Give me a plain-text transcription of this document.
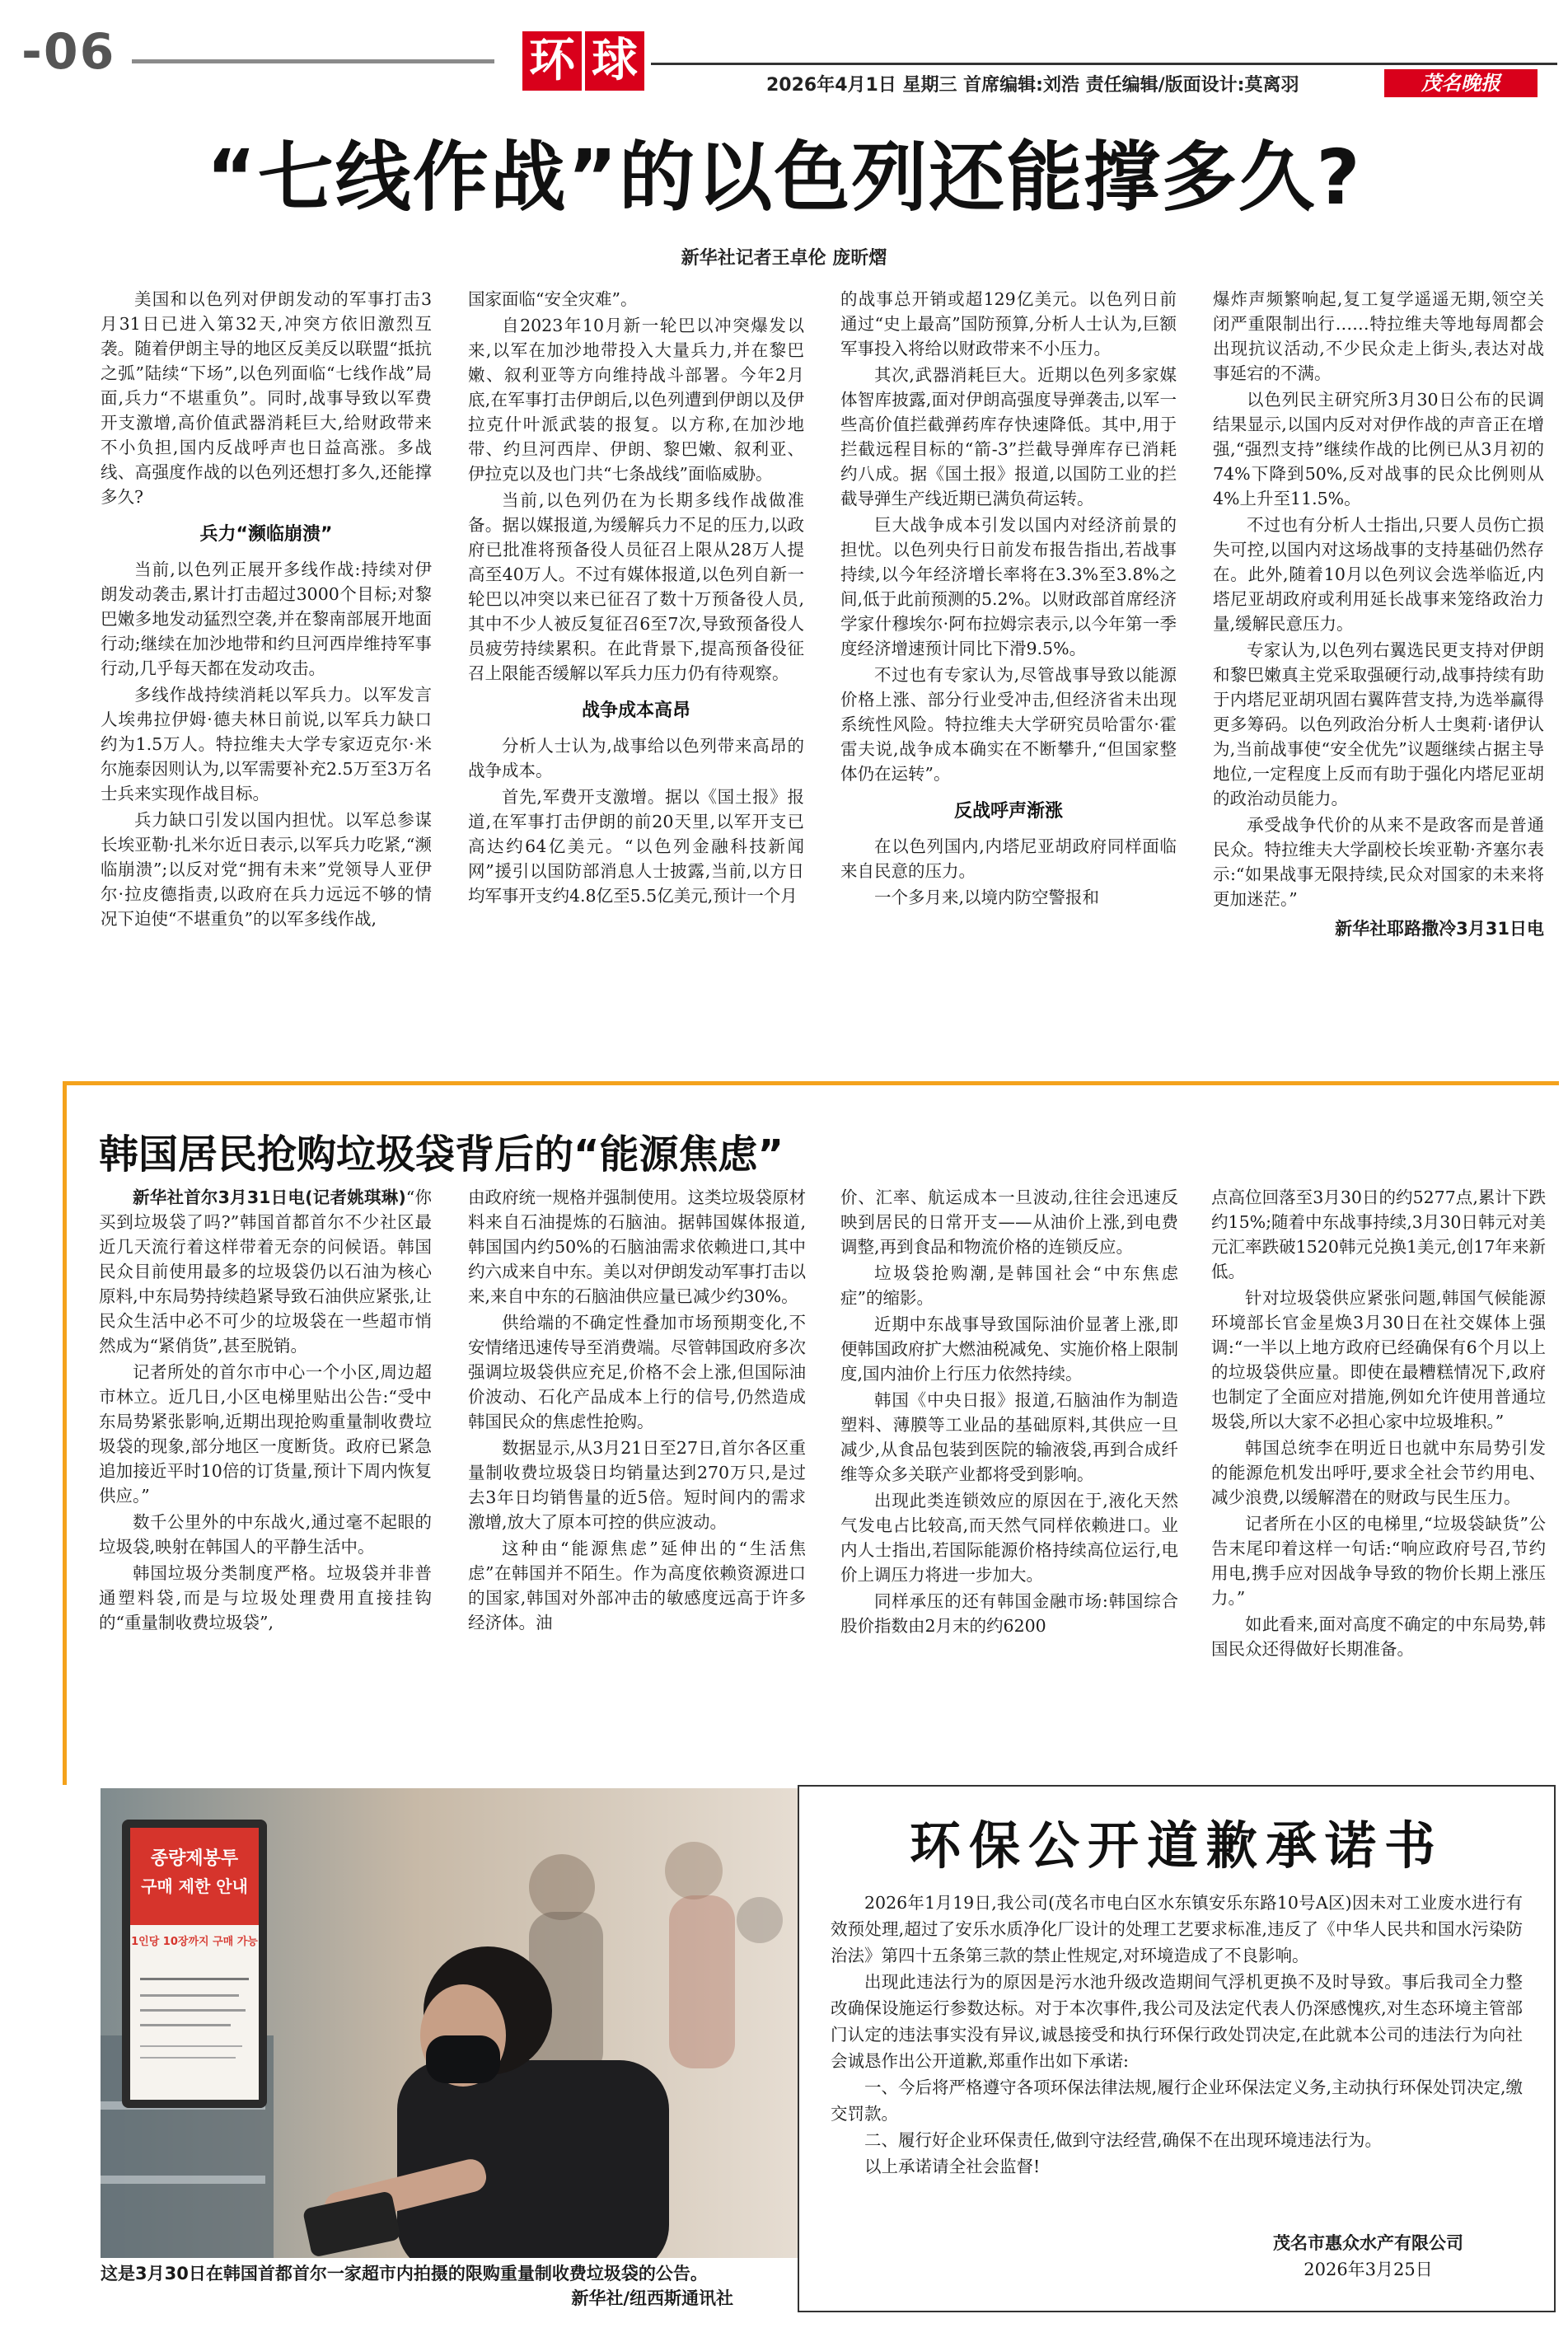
-06	环 球	2026年4月1日 星期三 首席编辑:刘浩 责任编辑/版面设计:莫离羽	茂名晚报
“七线作战”的以色列还能撑多久?
新华社记者王卓伦 庞昕熠

美国和以色列对伊朗发动的军事打击3月31日已进入第32天,冲突方依旧激烈互袭。随着伊朗主导的地区反美反以联盟“抵抗之弧”陆续“下场”,以色列面临“七线作战”局面,兵力“不堪重负”。同时,战事导致以军费开支激增,高价值武器消耗巨大,给财政带来不小负担,国内反战呼声也日益高涨。多战线、高强度作战的以色列还想打多久,还能撑多久?

兵力“濒临崩溃”

当前,以色列正展开多线作战:持续对伊朗发动袭击,累计打击超过3000个目标;对黎巴嫩多地发动猛烈空袭,并在黎南部展开地面行动;继续在加沙地带和约旦河西岸维持军事行动,几乎每天都在发动攻击。

多线作战持续消耗以军兵力。以军发言人埃弗拉伊姆·德夫林日前说,以军兵力缺口约为1.5万人。特拉维夫大学专家迈克尔·米尔施泰因则认为,以军需要补充2.5万至3万名士兵来实现作战目标。

兵力缺口引发以国内担忧。以军总参谋长埃亚勒·扎米尔近日表示,以军兵力吃紧,“濒临崩溃”;以反对党“拥有未来”党领导人亚伊尔·拉皮德指责,以政府在兵力远远不够的情况下迫使“不堪重负”的以军多线作战,

国家面临“安全灾难”。

自2023年10月新一轮巴以冲突爆发以来,以军在加沙地带投入大量兵力,并在黎巴嫩、叙利亚等方向维持战斗部署。今年2月底,在军事打击伊朗后,以色列遭到伊朗以及伊拉克什叶派武装的报复。以方称,在加沙地带、约旦河西岸、伊朗、黎巴嫩、叙利亚、伊拉克以及也门共“七条战线”面临威胁。

当前,以色列仍在为长期多线作战做准备。据以媒报道,为缓解兵力不足的压力,以政府已批准将预备役人员征召上限从28万人提高至40万人。不过有媒体报道,以色列自新一轮巴以冲突以来已征召了数十万预备役人员,其中不少人被反复征召6至7次,导致预备役人员疲劳持续累积。在此背景下,提高预备役征召上限能否缓解以军兵力压力仍有待观察。

战争成本高昂

分析人士认为,战事给以色列带来高昂的战争成本。

首先,军费开支激增。据以《国土报》报道,在军事打击伊朗的前20天里,以军开支已高达约64亿美元。“以色列金融科技新闻网”援引以国防部消息人士披露,当前,以方日均军事开支约4.8亿至5.5亿美元,预计一个月

的战事总开销或超129亿美元。以色列日前通过“史上最高”国防预算,分析人士认为,巨额军事投入将给以财政带来不小压力。

其次,武器消耗巨大。近期以色列多家媒体智库披露,面对伊朗高强度导弹袭击,以军一些高价值拦截弹药库存快速降低。其中,用于拦截远程目标的“箭-3”拦截导弹库存已消耗约八成。据《国土报》报道,以国防工业的拦截导弹生产线近期已满负荷运转。

巨大战争成本引发以国内对经济前景的担忧。以色列央行日前发布报告指出,若战事持续,以今年经济增长率将在3.3%至3.8%之间,低于此前预测的5.2%。以财政部首席经济学家什穆埃尔·阿布拉姆宗表示,以今年第一季度经济增速预计同比下滑9.5%。

不过也有专家认为,尽管战事导致以能源价格上涨、部分行业受冲击,但经济省未出现系统性风险。特拉维夫大学研究员哈雷尔·霍雷夫说,战争成本确实在不断攀升,“但国家整体仍在运转”。

反战呼声渐涨

在以色列国内,内塔尼亚胡政府同样面临来自民意的压力。

一个多月来,以境内防空警报和

爆炸声频繁响起,复工复学遥遥无期,领空关闭严重限制出行……特拉维夫等地每周都会出现抗议活动,不少民众走上街头,表达对战事延宕的不满。

以色列民主研究所3月30日公布的民调结果显示,以国内反对对伊作战的声音正在增强,“强烈支持”继续作战的比例已从3月初的74%下降到50%,反对战事的民众比例则从4%上升至11.5%。

不过也有分析人士指出,只要人员伤亡损失可控,以国内对这场战事的支持基础仍然存在。此外,随着10月以色列议会选举临近,内塔尼亚胡政府或利用延长战事来笼络政治力量,缓解民意压力。

专家认为,以色列右翼选民更支持对伊朗和黎巴嫩真主党采取强硬行动,战事持续有助于内塔尼亚胡巩固右翼阵营支持,为选举赢得更多筹码。以色列政治分析人士奥莉·诸伊认为,当前战事使“安全优先”议题继续占据主导地位,一定程度上反而有助于强化内塔尼亚胡的政治动员能力。

承受战争代价的从来不是政客而是普通民众。特拉维夫大学副校长埃亚勒·齐塞尔表示:“如果战事无限持续,民众对国家的未来将更加迷茫。”

新华社耶路撒冷3月31日电
韩国居民抢购垃圾袋背后的“能源焦虑”

新华社首尔3月31日电(记者姚琪琳)“你买到垃圾袋了吗?”韩国首都首尔不少社区最近几天流行着这样带着无奈的问候语。韩国民众目前使用最多的垃圾袋仍以石油为核心原料,中东局势持续趋紧导致石油供应紧张,让民众生活中必不可少的垃圾袋在一些超市悄然成为“紧俏货”,甚至脱销。

记者所处的首尔市中心一个小区,周边超市林立。近几日,小区电梯里贴出公告:“受中东局势紧张影响,近期出现抢购重量制收费垃圾袋的现象,部分地区一度断货。政府已紧急追加接近平时10倍的订货量,预计下周内恢复供应。”

数千公里外的中东战火,通过毫不起眼的垃圾袋,映射在韩国人的平静生活中。

韩国垃圾分类制度严格。垃圾袋并非普通塑料袋,而是与垃圾处理费用直接挂钩的“重量制收费垃圾袋”,

由政府统一规格并强制使用。这类垃圾袋原材料来自石油提炼的石脑油。据韩国媒体报道,韩国国内约50%的石脑油需求依赖进口,其中约六成来自中东。美以对伊朗发动军事打击以来,来自中东的石脑油供应量已减少约30%。

供给端的不确定性叠加市场预期变化,不安情绪迅速传导至消费端。尽管韩国政府多次强调垃圾袋供应充足,价格不会上涨,但国际油价波动、石化产品成本上行的信号,仍然造成韩国民众的焦虑性抢购。

数据显示,从3月21日至27日,首尔各区重量制收费垃圾袋日均销量达到270万只,是过去3年日均销售量的近5倍。短时间内的需求激增,放大了原本可控的供应波动。

这种由“能源焦虑”延伸出的“生活焦虑”在韩国并不陌生。作为高度依赖资源进口的国家,韩国对外部冲击的敏感度远高于许多经济体。油

价、汇率、航运成本一旦波动,往往会迅速反映到居民的日常开支——从油价上涨,到电费调整,再到食品和物流价格的连锁反应。

垃圾袋抢购潮,是韩国社会“中东焦虑症”的缩影。

近期中东战事导致国际油价显著上涨,即便韩国政府扩大燃油税减免、实施价格上限制度,国内油价上行压力依然持续。

韩国《中央日报》报道,石脑油作为制造塑料、薄膜等工业品的基础原料,其供应一旦减少,从食品包装到医院的输液袋,再到合成纤维等众多关联产业都将受到影响。

出现此类连锁效应的原因在于,液化天然气发电占比较高,而天然气同样依赖进口。业内人士指出,若国际能源价格持续高位运行,电价上调压力将进一步加大。

同样承压的还有韩国金融市场:韩国综合股价指数由2月末的约6200

点高位回落至3月30日的约5277点,累计下跌约15%;随着中东战事持续,3月30日韩元对美元汇率跌破1520韩元兑换1美元,创17年来新低。

针对垃圾袋供应紧张问题,韩国气候能源环境部长官金星焕3月30日在社交媒体上强调:“一半以上地方政府已经确保有6个月以上的垃圾袋供应量。即使在最糟糕情况下,政府也制定了全面应对措施,例如允许使用普通垃圾袋,所以大家不必担心家中垃圾堆积。”

韩国总统李在明近日也就中东局势引发的能源危机发出呼吁,要求全社会节约用电、减少浪费,以缓解潜在的财政与民生压力。

记者所在小区的电梯里,“垃圾袋缺货”公告末尾印着这样一句话:“响应政府号召,节约用电,携手应对因战争导致的物价长期上涨压力。”

如此看来,面对高度不确定的中东局势,韩国民众还得做好长期准备。

종량제봉투
구매 제한 안내
1인당 10장까지 구매 가능
这是3月30日在韩国首都首尔一家超市内拍摄的限购重量制收费垃圾袋的公告。
新华社/纽西斯通讯社
环保公开道歉承诺书

2026年1月19日,我公司(茂名市电白区水东镇安乐东路10号A区)因未对工业废水进行有效预处理,超过了安乐水质净化厂设计的处理工艺要求标准,违反了《中华人民共和国水污染防治法》第四十五条第三款的禁止性规定,对环境造成了不良影响。

出现此违法行为的原因是污水池升级改造期间气浮机更换不及时导致。事后我司全力整改确保设施运行参数达标。对于本次事件,我公司及法定代表人仍深感愧疚,对生态环境主管部门认定的违法事实没有异议,诚恳接受和执行环保行政处罚决定,在此就本公司的违法行为向社会诚恳作出公开道歉,郑重作出如下承诺:

一、今后将严格遵守各项环保法律法规,履行企业环保法定义务,主动执行环保处罚决定,缴交罚款。

二、履行好企业环保责任,做到守法经营,确保不在出现环境违法行为。

以上承诺请全社会监督!

茂名市惠众水产有限公司
2026年3月25日
